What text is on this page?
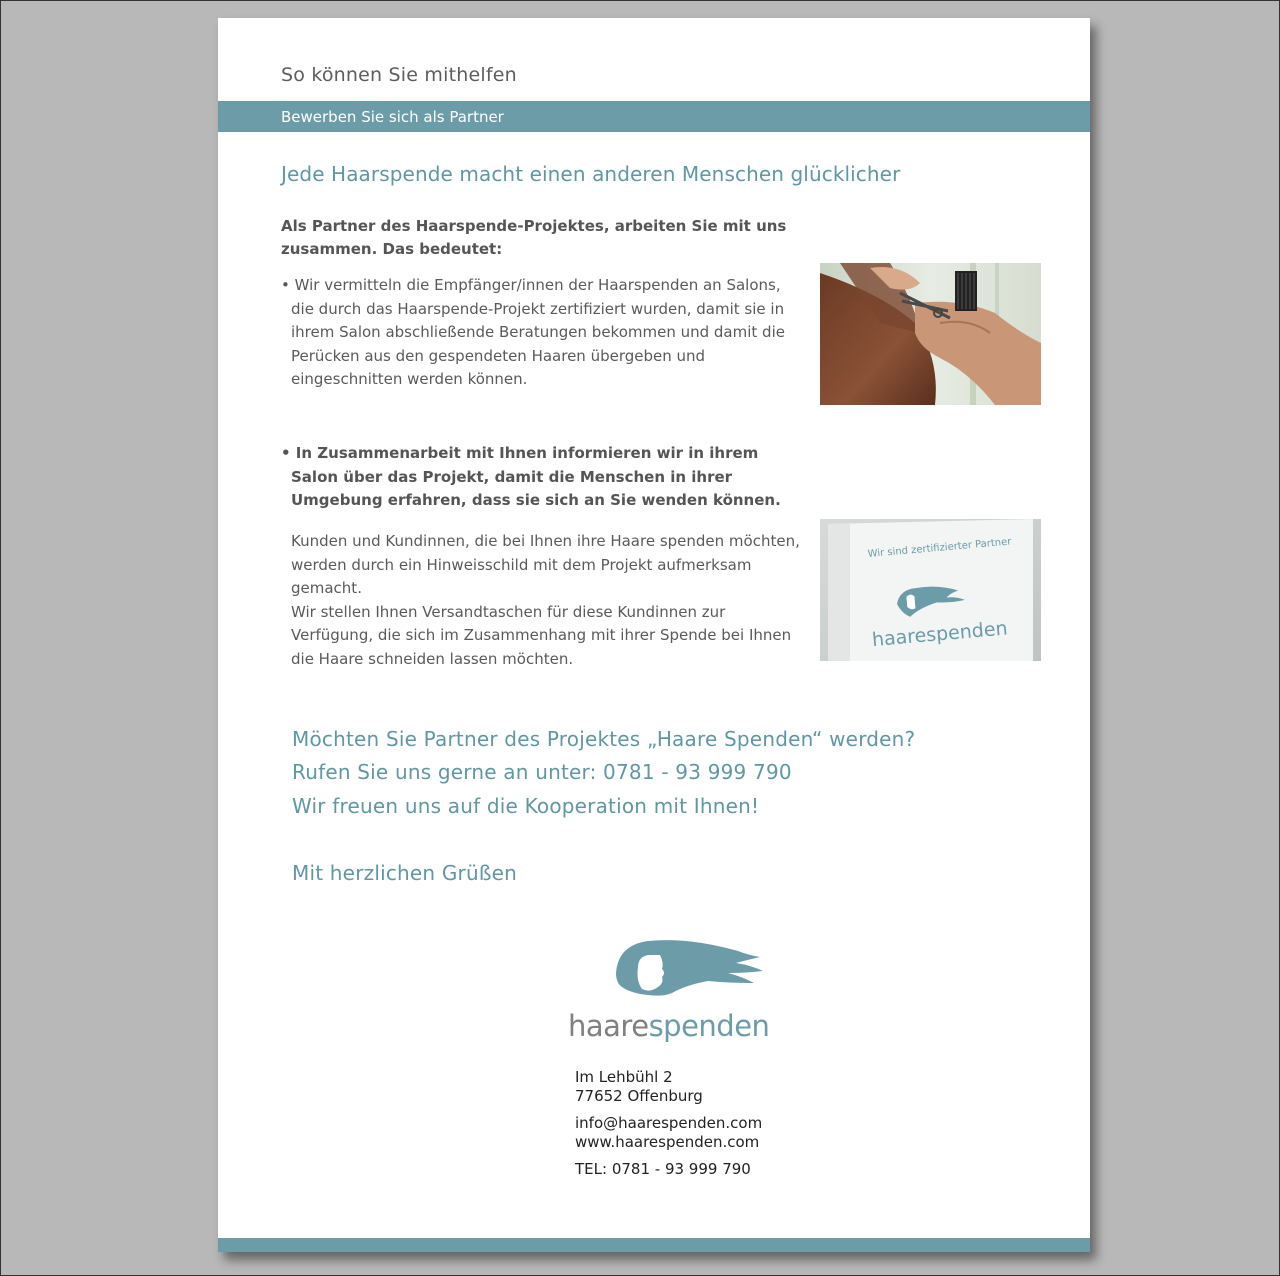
So können Sie mithelfen
Bewerben Sie sich als Partner
Jede Haarspende macht einen anderen Menschen glücklicher

Als Partner des Haarspende-Projektes, arbeiten Sie mit uns zusammen. Das bedeutet:

• Wir vermitteln die Empfänger/innen der Haarspenden an Salons, die durch das Haarspende-Projekt zertifiziert wurden, damit sie in ihrem Salon abschließende Beratungen bekommen und damit die Perücken aus den gespendeten Haaren übergeben und eingeschnitten werden können.

• In Zusammenarbeit mit Ihnen informieren wir in ihrem Salon über das Projekt, damit die Menschen in ihrer Umgebung erfahren, dass sie sich an Sie wenden können.

Kunden und Kundinnen, die bei Ihnen ihre Haare spenden möchten, werden durch ein Hinweisschild mit dem Projekt aufmerksam gemacht.
Wir stellen Ihnen Versandtaschen für diese Kundinnen zur Verfügung, die sich im Zusammenhang mit ihrer Spende bei Ihnen die Haare schneiden lassen möchten.
Wir sind zertifizierter Partner
haarespenden
Möchten Sie Partner des Projektes „Haare Spenden“ werden?
Rufen Sie uns gerne an unter: 0781 - 93 999 790
Wir freuen uns auf die Kooperation mit Ihnen!
Mit herzlichen Grüßen
haarespenden
Im Lehbühl 2
77652 Offenburg
info@haarespenden.com
www.haarespenden.com
TEL: 0781 - 93 999 790
